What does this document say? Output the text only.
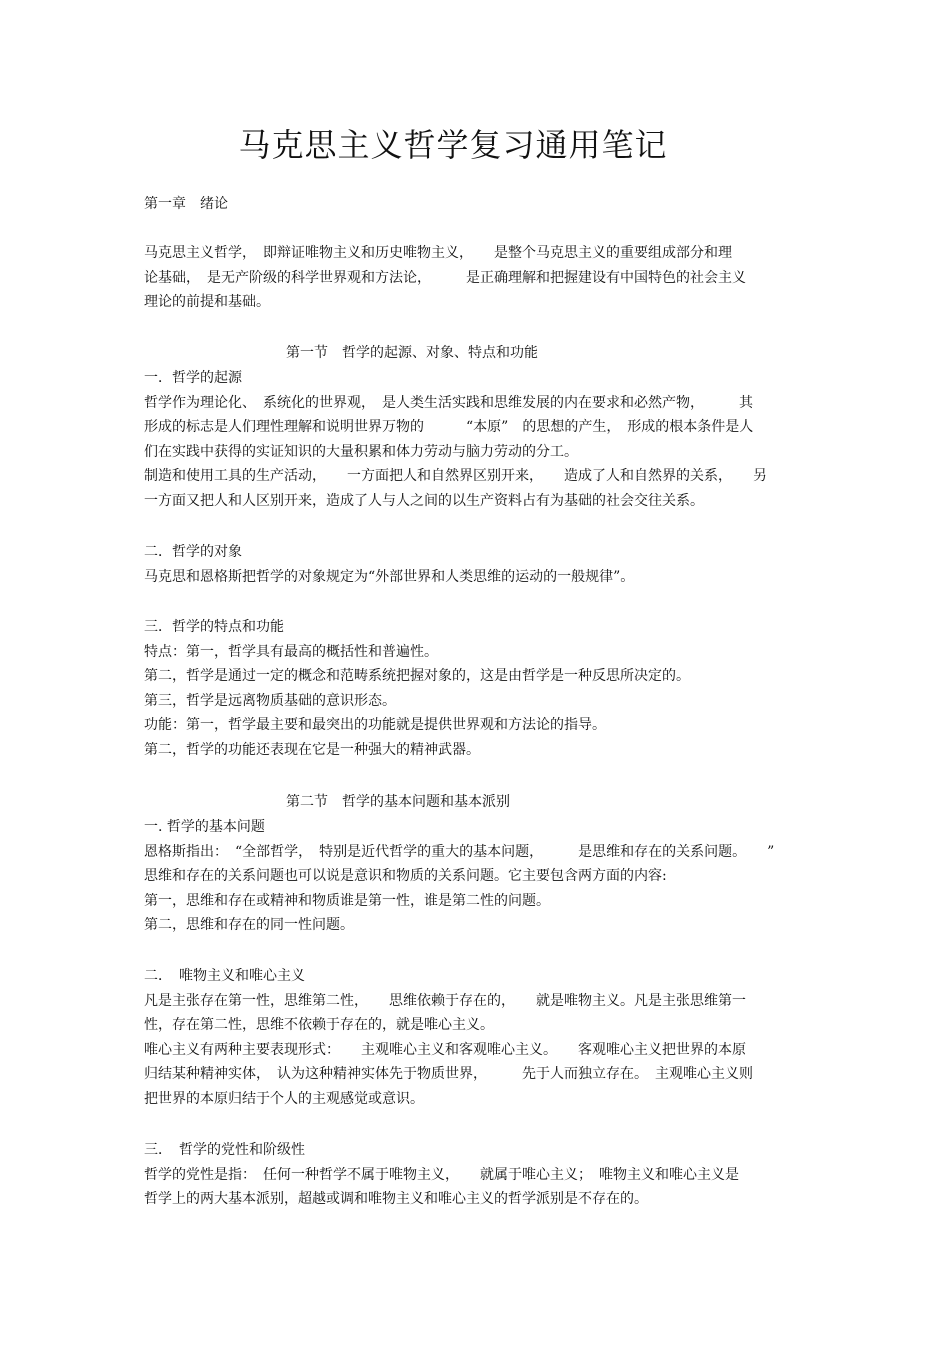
马克思主义哲学复习通用笔记
第一章　绪论
马克思主义哲学，　即辩证唯物主义和历史唯物主义，　　是整个马克思主义的重要组成部分和理
论基础，　是无产阶级的科学世界观和方法论，　　　是正确理解和把握建设有中国特色的社会主义
理论的前提和基础。
第一节　哲学的起源、对象、特点和功能
一．哲学的起源
哲学作为理论化、　系统化的世界观，　是人类生活实践和思维发展的内在要求和必然产物，　　　其
形成的标志是人们理性理解和说明世界万物的　　　“本原”　的思想的产生，　形成的根本条件是人
们在实践中获得的实证知识的大量积累和体力劳动与脑力劳动的分工。
制造和使用工具的生产活动，　　一方面把人和自然界区别开来，　　造成了人和自然界的关系，　　另
一方面又把人和人区别开来，造成了人与人之间的以生产资料占有为基础的社会交往关系。
二．哲学的对象
马克思和恩格斯把哲学的对象规定为“外部世界和人类思维的运动的一般规律”。
三．哲学的特点和功能
特点：第一，哲学具有最高的概括性和普遍性。
第二，哲学是通过一定的概念和范畴系统把握对象的，这是由哲学是一种反思所决定的。
第三，哲学是远离物质基础的意识形态。
功能：第一，哲学最主要和最突出的功能就是提供世界观和方法论的指导。
第二，哲学的功能还表现在它是一种强大的精神武器。
第二节　哲学的基本问题和基本派别
一. 哲学的基本问题
恩格斯指出：　“全部哲学，　特别是近代哲学的重大的基本问题，　　　是思维和存在的关系问题。　　”
思维和存在的关系问题也可以说是意识和物质的关系问题。它主要包含两方面的内容:
第一，思维和存在或精神和物质谁是第一性，谁是第二性的问题。
第二，思维和存在的同一性问题。
二．　唯物主义和唯心主义
凡是主张存在第一性，思维第二性，　　思维依赖于存在的，　　就是唯物主义。凡是主张思维第一
性，存在第二性，思维不依赖于存在的，就是唯心主义。
唯心主义有两种主要表现形式：　　主观唯心主义和客观唯心主义。　　客观唯心主义把世界的本原
归结某种精神实体，　认为这种精神实体先于物质世界，　　　先于人而独立存在。　主观唯心主义则
把世界的本原归结于个人的主观感觉或意识。
三．　哲学的党性和阶级性
哲学的党性是指：　任何一种哲学不属于唯物主义，　　就属于唯心主义；　唯物主义和唯心主义是
哲学上的两大基本派别，超越或调和唯物主义和唯心主义的哲学派别是不存在的。
